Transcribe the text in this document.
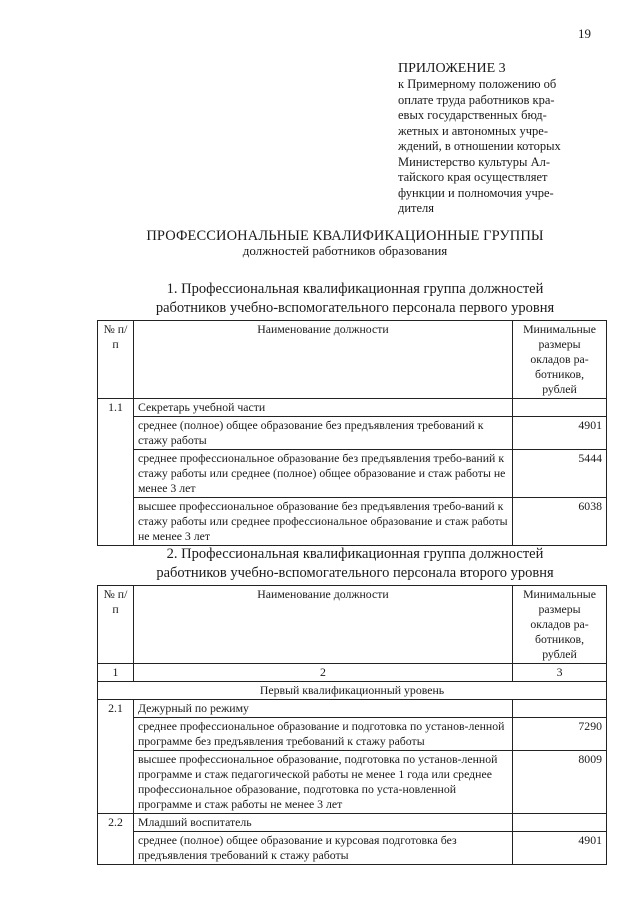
19
ПРИЛОЖЕНИЕ 3
к Примерному положению об
оплате труда работников кра-
евых государственных бюд-
жетных и автономных учре-
ждений, в отношении которых
Министерство культуры Ал-
тайского края осуществляет
функции и полномочия учре-
дителя
ПРОФЕССИОНАЛЬНЫЕ КВАЛИФИКАЦИОННЫЕ ГРУППЫ
должностей работников образования
1. Профессиональная квалификационная группа должностей
работников учебно-вспомогательного персонала первого уровня
№ п/п	Наименование должности	Минимальные размеры окладов ра-ботников, рублей
1.1	Секретарь учебной части	
	среднее (полное) общее образование без предъявления требований к стажу работы	4901
	среднее профессиональное образование без предъявления требо-ваний к стажу работы или среднее (полное) общее образование и стаж работы не менее 3 лет	5444
	высшее профессиональное образование без предъявления требо-ваний к стажу работы или среднее профессиональное образование и стаж работы не менее 3 лет	6038
2. Профессиональная квалификационная группа должностей
работников учебно-вспомогательного персонала второго уровня
№ п/п	Наименование должности	Минимальные размеры окладов ра-ботников, рублей
1	2	3
Первый квалификационный уровень		
2.1	Дежурный по режиму	
	среднее профессиональное образование и подготовка по установ-ленной программе без предъявления требований к стажу работы	7290
	высшее профессиональное образование, подготовка по установ-ленной программе и стаж педагогической работы не менее 1 года или среднее профессиональное образование, подготовка по уста-новленной программе и стаж работы не менее 3 лет	8009
2.2	Младший воспитатель	
	среднее (полное) общее образование и курсовая подготовка без предъявления требований к стажу работы	4901
